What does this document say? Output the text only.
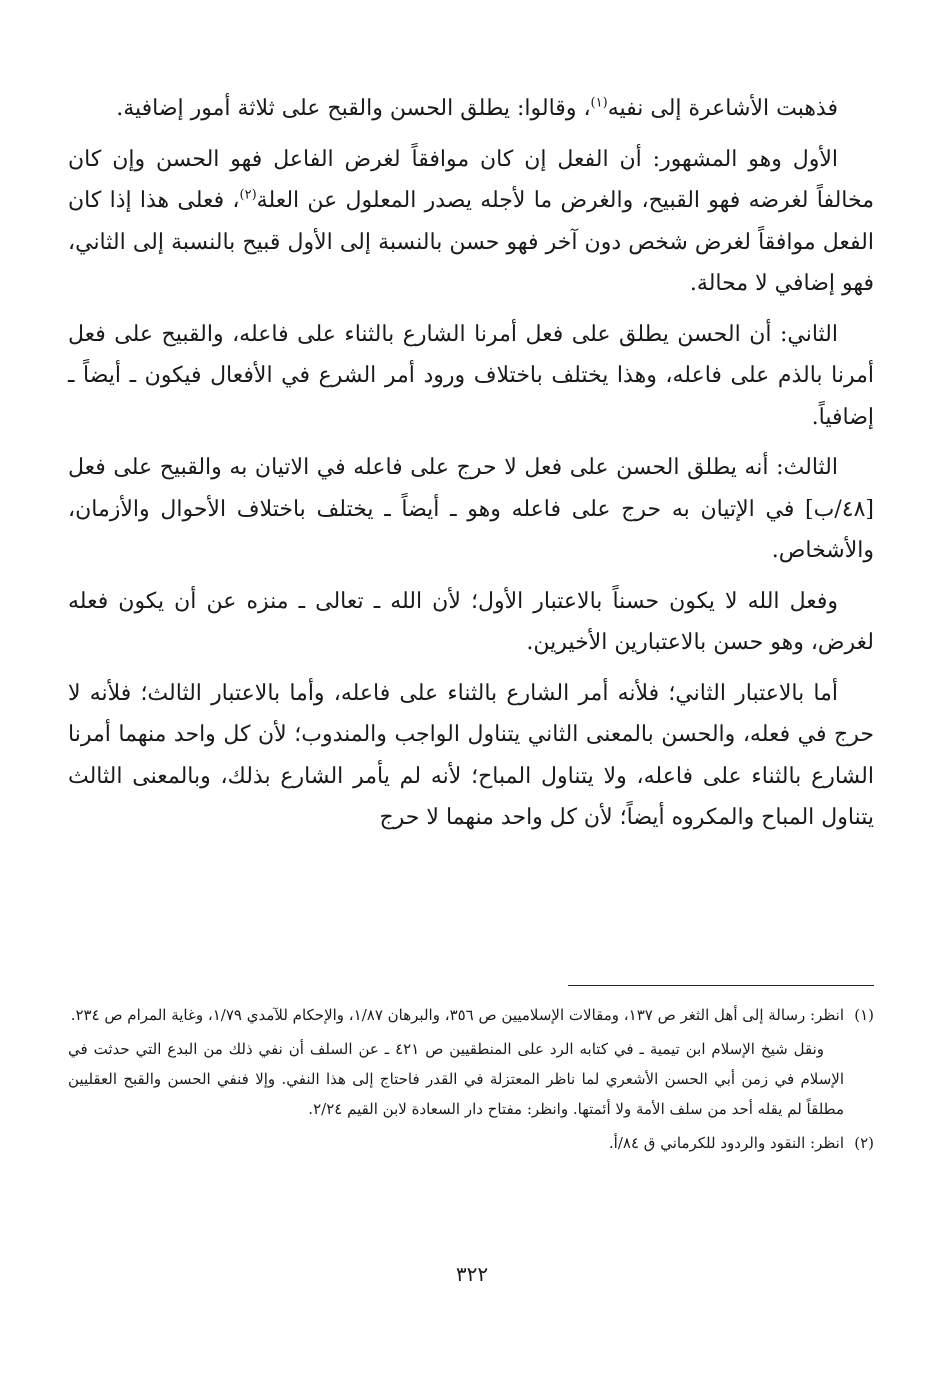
فذهبت الأشاعرة إلى نفيه$^{(١)}$، وقالوا: يطلق الحسن والقبح على ثلاثة أمور إضافية.

الأول وهو المشهور: أن الفعل إن كان موافقاً لغرض الفاعل فهو الحسن وإن كان مخالفاً لغرضه فهو القبيح، والغرض ما لأجله يصدر المعلول عن العلة$^{(٢)}$، فعلى هذا إذا كان الفعل موافقاً لغرض شخص دون آخر فهو حسن بالنسبة إلى الأول قبيح بالنسبة إلى الثاني، فهو إضافي لا محالة.

الثاني: أن الحسن يطلق على فعل أمرنا الشارع بالثناء على فاعله، والقبيح على فعل أمرنا بالذم على فاعله، وهذا يختلف باختلاف ورود أمر الشرع في الأفعال فيكون ـ أيضاً ـ إضافياً.

الثالث: أنه يطلق الحسن على فعل لا حرج على فاعله في الاتيان به والقبيح على فعل [٤٨/ب] في الإتيان به حرج على فاعله وهو ـ أيضاً ـ يختلف باختلاف الأحوال والأزمان، والأشخاص.

وفعل الله لا يكون حسناً بالاعتبار الأول؛ لأن الله ـ تعالى ـ منزه عن أن يكون فعله لغرض، وهو حسن بالاعتبارين الأخيرين.

أما بالاعتبار الثاني؛ فلأنه أمر الشارع بالثناء على فاعله، وأما بالاعتبار الثالث؛ فلأنه لا حرج في فعله، والحسن بالمعنى الثاني يتناول الواجب والمندوب؛ لأن كل واحد منهما أمرنا الشارع بالثناء على فاعله، ولا يتناول المباح؛ لأنه لم يأمر الشارع بذلك، وبالمعنى الثالث يتناول المباح والمكروه أيضاً؛ لأن كل واحد منهما لا حرج

(١)
انظر: رسالة إلى أهل الثغر ص ١٣٧، ومقالات الإسلاميين ص ٣٥٦، والبرهان ١/٨٧، والإحكام للآمدي ١/٧٩، وغاية المرام ص ٢٣٤.

ونقل شيخ الإسلام ابن تيمية ـ في كتابه الرد على المنطقيين ص ٤٢١ ـ عن السلف أن نفي ذلك من البدع التي حدثت في الإسلام في زمن أبي الحسن الأشعري لما ناظر المعتزلة في القدر فاحتاج إلى هذا النفي. وإلا فنفي الحسن والقبح العقليين مطلقاً لم يقله أحد من سلف الأمة ولا أئمتها. وانظر: مفتاح دار السعادة لابن القيم ٢/٢٤.

(٢)
انظر: النقود والردود للكرماني ق ٨٤/أ.

٣٢٢
